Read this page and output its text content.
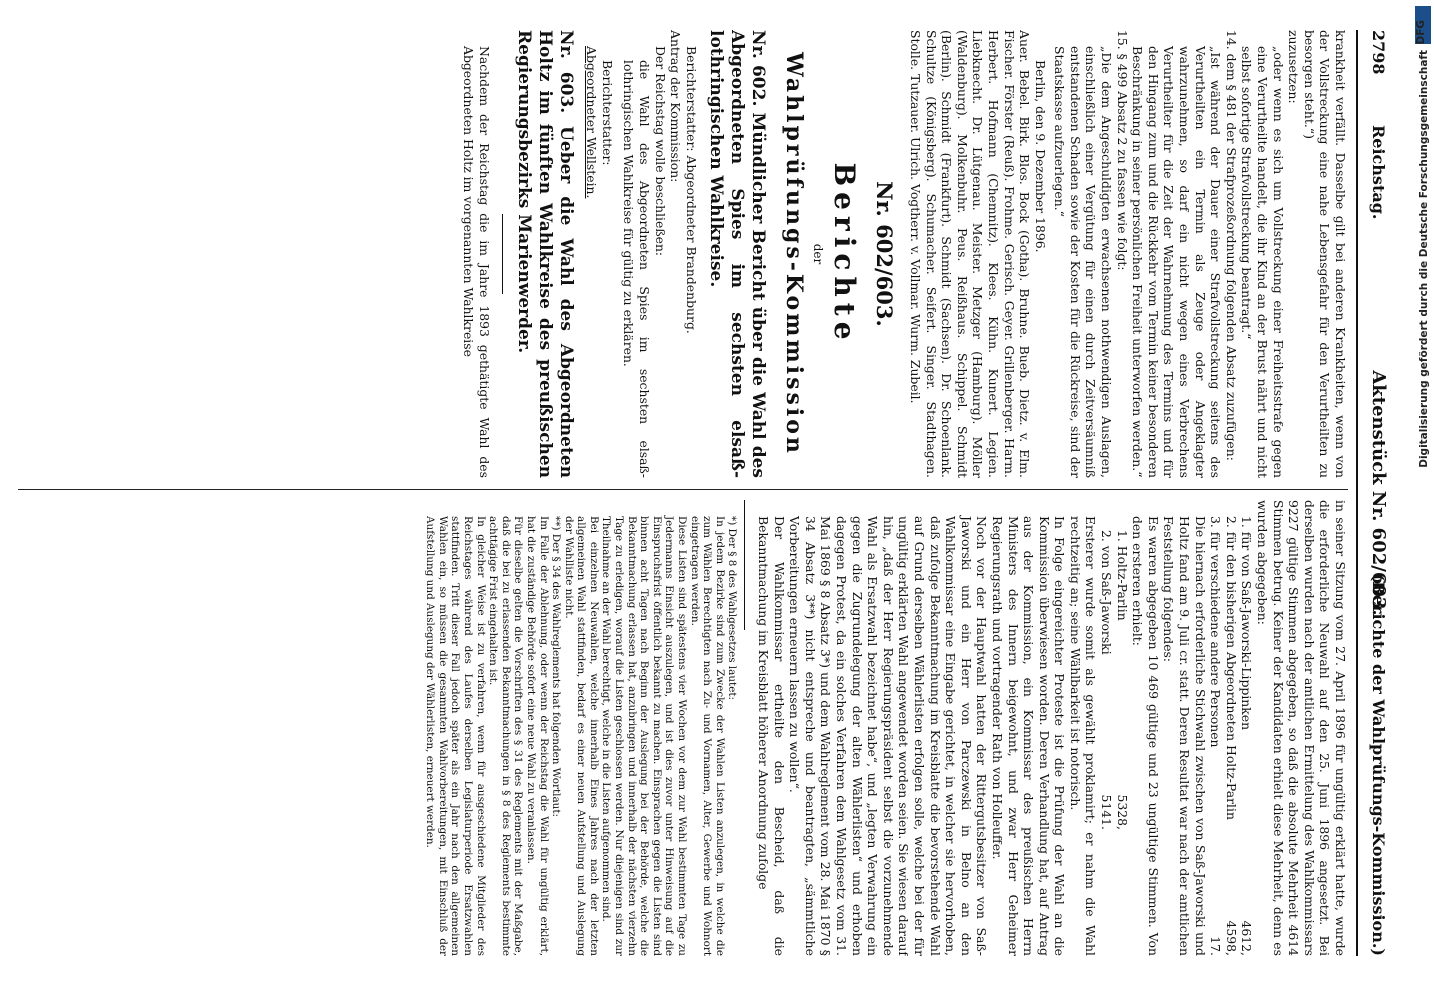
2798
Reichstag.
Aktenstück Nr. 602/603.
(Berichte der Wahlprüfungs-Kommission.)

krankheit verfällt. Dasselbe gilt bei anderen Krankheiten, wenn von der Vollstreckung eine nahe Lebensgefahr für den Verurtheilten zu besorgen steht.“)

zuzusetzen:

„oder wenn es sich um Vollstreckung einer Freiheitsstrafe gegen eine Verurtheilte handelt, die ihr Kind an der Brust nährt und nicht selbst sofortige Strafvollstreckung beantragt.“

14. dem § 481 der Strafprozeßordnung folgenden Absatz zuzufügen:

„Ist während der Dauer einer Strafvollstreckung seitens des Verurtheilten ein Termin als Zeuge oder Angeklagter wahrzunehmen, so darf ein nicht wegen eines Verbrechens Verurtheilter für die Zeit der Wahrnehmung des Termins und für den Hingang zum und die Rückkehr vom Termin keiner besonderen Beschränkung in seiner persönlichen Freiheit unterworfen werden.“

15. § 499 Absatz 2 zu fassen wie folgt:

„Die dem Angeschuldigten erwachsenen nothwendigen Auslagen, einschließlich einer Vergütung für einen durch Zeitversäumniß entstandenen Schaden sowie der Kosten für die Rückreise, sind der Staatskasse aufzuerlegen.“

Berlin, den 9. Dezember 1896.

Auer. Bebel. Birk. Blos. Bock (Gotha). Bruhne. Bueb. Dietz. v. Elm. Fischer. Förster (Reuß). Frohme. Gerisch. Geyer. Grillenberger. Harm. Herbert. Hofmann (Chemnitz). Klees. Kühn. Kunert. Legien. Liebknecht. Dr. Lütgenau. Meister. Metzger (Hamburg). Möller (Waldenburg). Molkenbuhr. Peus. Reißhaus. Schippel. Schmidt (Berlin). Schmidt (Frankfurt). Schmidt (Sachsen). Dr. Schoenlank. Schultze (Königsberg). Schumacher. Seifert. Singer. Stadthagen. Stolle. Tutzauer. Ulrich. Vogtherr. v. Vollmar. Wurm. Zubeil.

Nr. 602/603.
Berichte
der
Wahlprüfungs-Kommission

Nr. 602. Mündlicher Bericht über die Wahl des Abgeordneten Spies im sechsten elsaß-lothringischen Wahlkreise.

Berichterstatter: Abgeordneter Brandenburg.

Antrag der Kommission:

Der Reichstag wolle beschließen:

die Wahl des Abgeordneten Spies im sechsten elsaß-lothringischen Wahlkreise für gültig zu erklären.

Berichterstatter:

Abgeordneter Wellstein.

Nr. 603. Ueber die Wahl des Abgeordneten Holtz im fünften Wahlkreise des preußischen Regierungsbezirks Marienwerder.

Nachdem der Reichstag die im Jahre 1893 gethätigte Wahl des Abgeordneten Holtz im vorgenannten Wahlkreise

in seiner Sitzung vom 27. April 1896 für ungültig erklärt hatte, wurde die erforderliche Neuwahl auf den 25. Juni 1896 angesetzt. Bei derselben wurden nach der amtlichen Ermittelung des Wahlkommissars 9227 gültige Stimmen abgegeben, so daß die absolute Mehrheit 4614 Stimmen betrug. Keiner der Kandidaten erhielt diese Mehrheit, denn es wurden abgegeben:

1. für von Saß-Jaworski-Lippinken
4612,
2. für den bisherigen Abgeordneten Holtz-Parlin
4598,
3. für verschiedene andere Personen
17.

Die hiernach erforderliche Stichwahl zwischen von Saß-Jaworski und Holtz fand am 9. Juli cr. statt. Deren Resultat war nach der amtlichen Feststellung folgendes:

Es waren abgegeben 10 469 gültige und 23 ungültige Stimmen. Von den ersteren erhielt:

1. Holtz-Parlin
5328,
2. von Saß-Jaworski
5141.

Ersterer wurde somit als gewählt proklamirt; er nahm die Wahl rechtzeitig an; seine Wählbarkeit ist notorisch.

In Folge eingereichter Proteste ist die Prüfung der Wahl an die Kommission überwiesen worden. Deren Verhandlung hat, auf Antrag aus der Kommission, ein Kommissar des preußischen Herrn Ministers des Innern beigewohnt, und zwar Herr Geheimer Regierungsrath und vortragender Rath von Holleuffer.

Noch vor der Hauptwahl hatten der Rittergutsbesitzer von Saß-Jaworski und ein Herr von Parczewski in Belno an den Wahlkommissar eine Eingabe gerichtet, in welcher sie hervorhoben, daß zufolge Bekanntmachung im Kreisblatte die bevorstehende Wahl auf Grund derselben Wählerlisten erfolgen solle, welche bei der für ungültig erklärten Wahl angewendet worden seien. Sie wiesen darauf hin, „daß der Herr Regierungspräsident selbst die vorzunehmende Wahl als Ersatzwahl bezeichnet habe“, und „legten Verwahrung ein gegen die Zugrundelegung der alten Wählerlisten“ und erhoben dagegen Protest, da ein solches Verfahren dem Wahlgesetz vom 31. Mai 1869 § 8 Absatz 3*) und dem Wahlreglement vom 28. Mai 1870 § 34 Absatz 3**) nicht entspreche und beantragten, „sämmtliche Vorbereitungen erneuern lassen zu wollen“.

Der Wahlkommissar ertheilte den Bescheid, daß die Bekanntmachung im Kreisblatt höherer Anordnung zufolge

*) Der § 8 des Wahlgesetzes lautet:

In jedem Bezirke sind zum Zwecke der Wahlen Listen anzulegen, in welche die zum Wählen Berechtigten nach Zu- und Vornamen, Alter, Gewerbe und Wohnort eingetragen werden.

Diese Listen sind spätestens vier Wochen vor dem zur Wahl bestimmten Tage zu Jedermanns Einsicht auszulegen, und ist dies zuvor unter Hinweisung auf die Einspruchsfrist öffentlich bekannt zu machen. Einsprachen gegen die Listen sind binnen acht Tagen nach Beginn der Auslegung bei der Behörde, welche die Bekanntmachung erlassen hat, anzubringen und innerhalb der nächsten vierzehn Tage zu erledigen, worauf die Listen geschlossen werden. Nur diejenigen sind zur Theilnahme an der Wahl berechtigt, welche in die Listen aufgenommen sind.

Bei einzelnen Neuwahlen, welche innerhalb Eines Jahres nach der letzten allgemeinen Wahl stattfinden, bedarf es einer neuen Aufstellung und Auslegung der Wahlliste nicht.

**) Der § 34 des Wahlreglements hat folgenden Wortlaut:

Im Falle der Ablehnung, oder wenn der Reichstag die Wahl für ungültig erklärt, hat die zuständige Behörde sofort eine neue Wahl zu veranlassen.

Für dieselbe gelten die Vorschriften des § 31 des Reglements mit der Maßgabe, daß die bei zu erlassenden Bekanntmachungen in § 8 des Reglements bestimmte achttägige Frist eingehalten ist.

In gleicher Weise ist zu verfahren, wenn für ausgeschiedene Mitglieder des Reichstages während des Laufes derselben Legislaturperiode Ersatzwahlen stattfinden. Tritt dieser Fall jedoch später als ein Jahr nach den allgemeinen Wahlen ein, so müssen die gesammten Wahlvorbereitungen, mit Einschluß der Aufstellung und Auslegung der Wählerlisten, erneuert werden.

DFG
Digitalisierung gefördert durch die Deutsche Forschungsgemeinschaft
